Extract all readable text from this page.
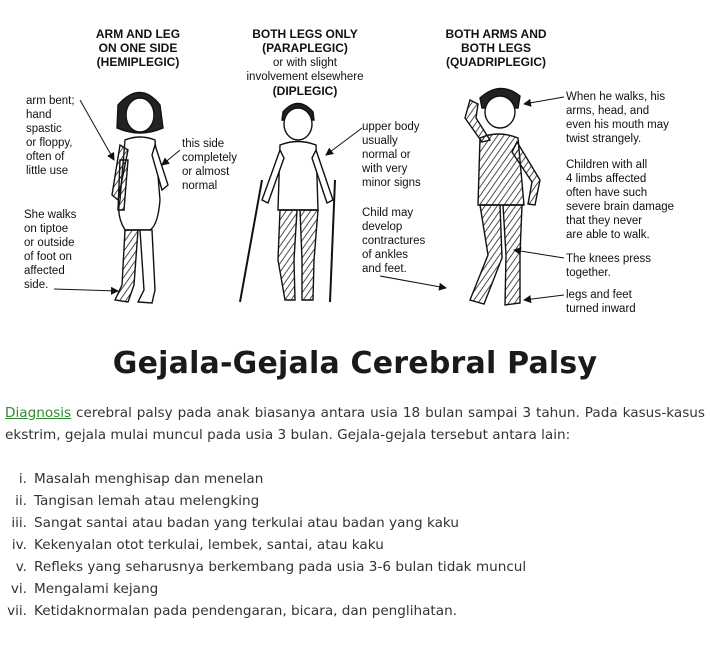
ARM AND LEG
ON ONE SIDE
(HEMIPLEGIC)
BOTH LEGS ONLY
(PARAPLEGIC)
or with slight
involvement elsewhere
(DIPLEGIC)
BOTH ARMS AND
BOTH LEGS
(QUADRIPLEGIC)
arm bent;
hand
spastic
or floppy,
often of
little use
this side
completely
or almost
normal
She walks
on tiptoe
or outside
of foot on
affected
side.
upper body
usually
normal or
with very
minor signs
Child may
develop
contractures
of ankles
and feet.
When he walks, his
arms, head, and
even his mouth may
twist strangely.
Children with all
4 limbs affected
often have such
severe brain damage
that they never
are able to walk.
The knees press
together.
legs and feet
turned inward
Gejala-Gejala Cerebral Palsy

Diagnosis cerebral palsy pada anak biasanya antara usia 18 bulan sampai 3 tahun. Pada kasus-kasus ekstrim, gejala mulai muncul pada usia 3 bulan. Gejala-gejala tersebut antara lain:

i. Masalah menghisap dan menelan
ii. Tangisan lemah atau melengking
iii. Sangat santai atau badan yang terkulai atau badan yang kaku
iv. Kekenyalan otot terkulai, lembek, santai, atau kaku
v. Refleks yang seharusnya berkembang pada usia 3-6 bulan tidak muncul
vi. Mengalami kejang
vii. Ketidaknormalan pada pendengaran, bicara, dan penglihatan.
